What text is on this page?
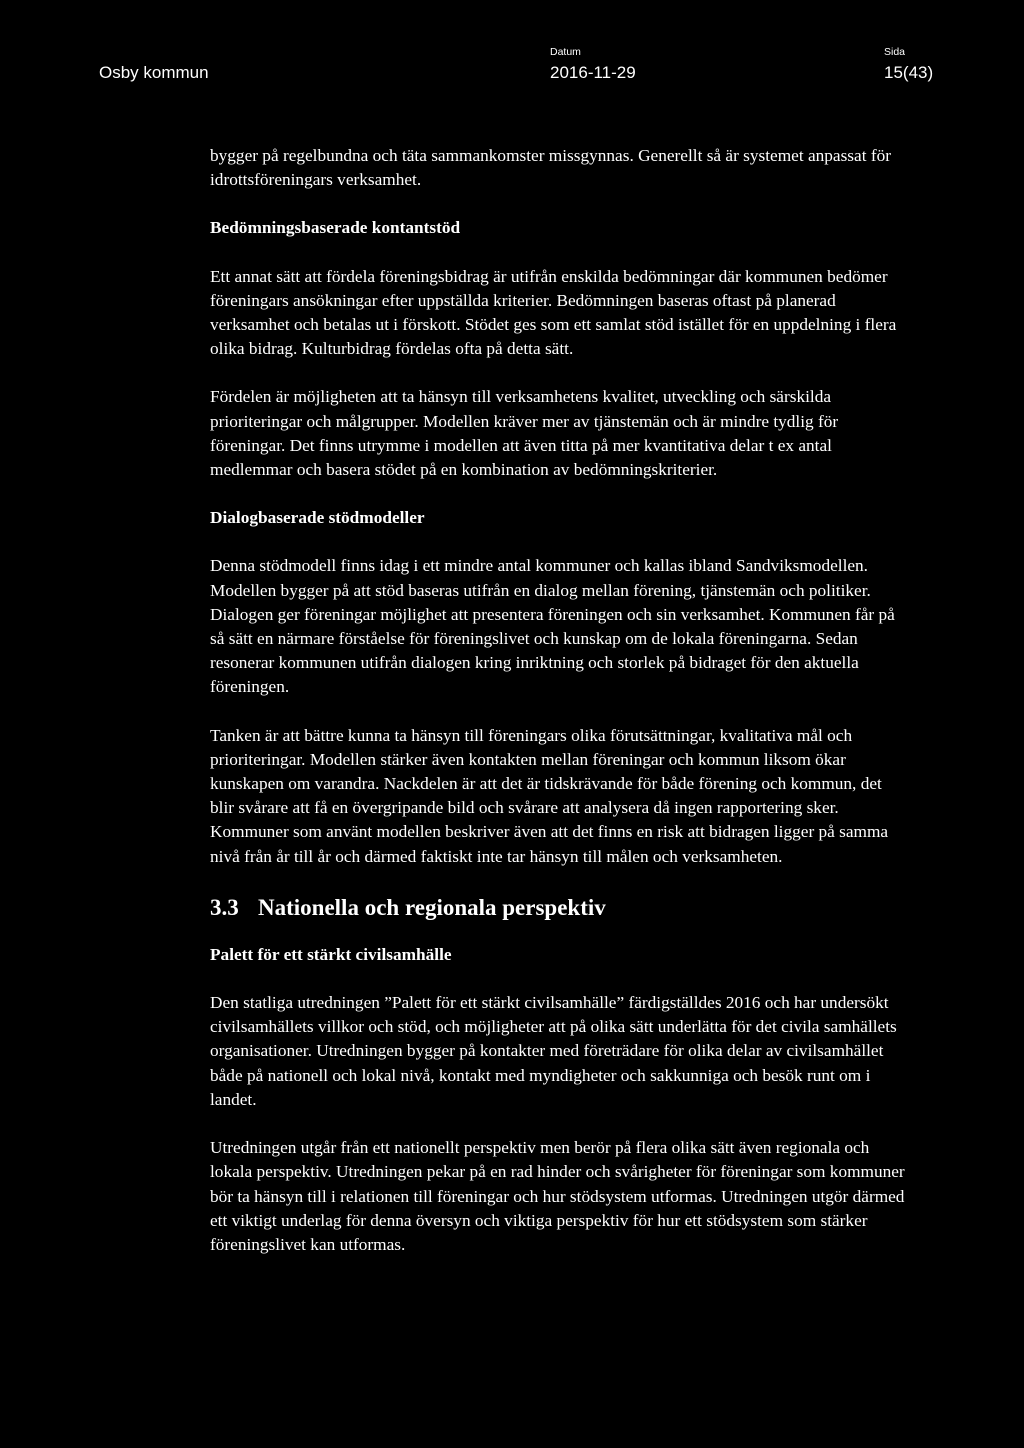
Osby kommun
Datum
2016-11-29
Sida
15(43)

bygger på regelbundna och täta sammankomster missgynnas. Generellt så är systemet anpassat för idrottsföreningars verksamhet.

Bedömningsbaserade kontantstöd

Ett annat sätt att fördela föreningsbidrag är utifrån enskilda bedömningar där kommunen bedömer föreningars ansökningar efter uppställda kriterier. Bedömningen baseras oftast på planerad verksamhet och betalas ut i förskott. Stödet ges som ett samlat stöd istället för en uppdelning i flera olika bidrag. Kulturbidrag fördelas ofta på detta sätt.

Fördelen är möjligheten att ta hänsyn till verksamhetens kvalitet, utveckling och särskilda prioriteringar och målgrupper. Modellen kräver mer av tjänstemän och är mindre tydlig för föreningar. Det finns utrymme i modellen att även titta på mer kvantitativa delar t ex antal medlemmar och basera stödet på en kombination av bedömningskriterier.

Dialogbaserade stödmodeller

Denna stödmodell finns idag i ett mindre antal kommuner och kallas ibland Sandviksmodellen. Modellen bygger på att stöd baseras utifrån en dialog mellan förening, tjänstemän och politiker. Dialogen ger föreningar möjlighet att presentera föreningen och sin verksamhet. Kommunen får på så sätt en närmare förståelse för föreningslivet och kunskap om de lokala föreningarna. Sedan resonerar kommunen utifrån dialogen kring inriktning och storlek på bidraget för den aktuella föreningen.

Tanken är att bättre kunna ta hänsyn till föreningars olika förutsättningar, kvalitativa mål och prioriteringar. Modellen stärker även kontakten mellan föreningar och kommun liksom ökar kunskapen om varandra. Nackdelen är att det är tidskrävande för både förening och kommun, det blir svårare att få en övergripande bild och svårare att analysera då ingen rapportering sker. Kommuner som använt modellen beskriver även att det finns en risk att bidragen ligger på samma nivå från år till år och därmed faktiskt inte tar hänsyn till målen och verksamheten.

3.3 Nationella och regionala perspektiv
Palett för ett stärkt civilsamhälle

Den statliga utredningen ”Palett för ett stärkt civilsamhälle” färdigställdes 2016 och har undersökt civilsamhällets villkor och stöd, och möjligheter att på olika sätt underlätta för det civila samhällets organisationer. Utredningen bygger på kontakter med företrädare för olika delar av civilsamhället både på nationell och lokal nivå, kontakt med myndigheter och sakkunniga och besök runt om i landet.

Utredningen utgår från ett nationellt perspektiv men berör på flera olika sätt även regionala och lokala perspektiv. Utredningen pekar på en rad hinder och svårigheter för föreningar som kommuner bör ta hänsyn till i relationen till föreningar och hur stödsystem utformas. Utredningen utgör därmed ett viktigt underlag för denna översyn och viktiga perspektiv för hur ett stödsystem som stärker föreningslivet kan utformas.
